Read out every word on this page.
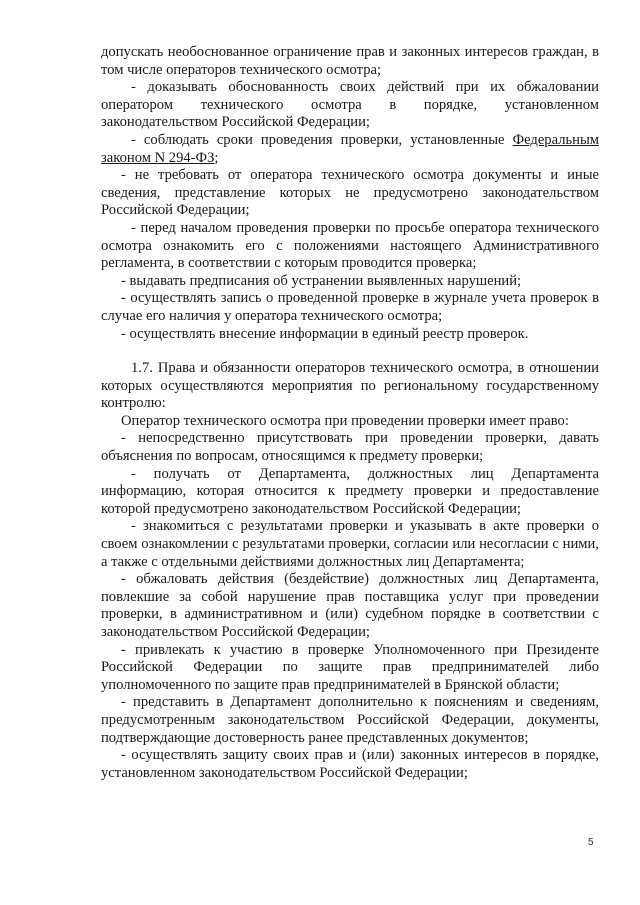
допускать необоснованное ограничение прав и законных интересов граждан, в том числе операторов технического осмотра;

- доказывать обоснованность своих действий при их обжаловании оператором технического осмотра в порядке, установленном законодательством Российской Федерации;

- соблюдать сроки проведения проверки, установленные Федеральным законом N 294-ФЗ;

- не требовать от оператора технического осмотра документы и иные сведения, представление которых не предусмотрено законодательством Российской Федерации;

- перед началом проведения проверки по просьбе оператора технического осмотра ознакомить его с положениями настоящего Административного регламента, в соответствии с которым проводится проверка;

- выдавать предписания об устранении выявленных нарушений;

- осуществлять запись о проведенной проверке в журнале учета проверок в случае его наличия у оператора технического осмотра;

- осуществлять внесение информации в единый реестр проверок.

1.7. Права и обязанности операторов технического осмотра, в отношении которых осуществляются мероприятия по региональному государственному контролю:

Оператор технического осмотра при проведении проверки имеет право:

- непосредственно присутствовать при проведении проверки, давать объяснения по вопросам, относящимся к предмету проверки;

- получать от Департамента, должностных лиц Департамента информацию, которая относится к предмету проверки и предоставление которой предусмотрено законодательством Российской Федерации;

- знакомиться с результатами проверки и указывать в акте проверки о своем ознакомлении с результатами проверки, согласии или несогласии с ними, а также с отдельными действиями должностных лиц Департамента;

- обжаловать действия (бездействие) должностных лиц Департамента, повлекшие за собой нарушение прав поставщика услуг при проведении проверки, в административном и (или) судебном порядке в соответствии с законодательством Российской Федерации;

- привлекать к участию в проверке Уполномоченного при Президенте Российской Федерации по защите прав предпринимателей либо уполномоченного по защите прав предпринимателей в Брянской области;

- представить в Департамент дополнительно к пояснениям и сведениям, предусмотренным законодательством Российской Федерации, документы, подтверждающие достоверность ранее представленных документов;

- осуществлять защиту своих прав и (или) законных интересов в порядке, установленном законодательством Российской Федерации;

5
